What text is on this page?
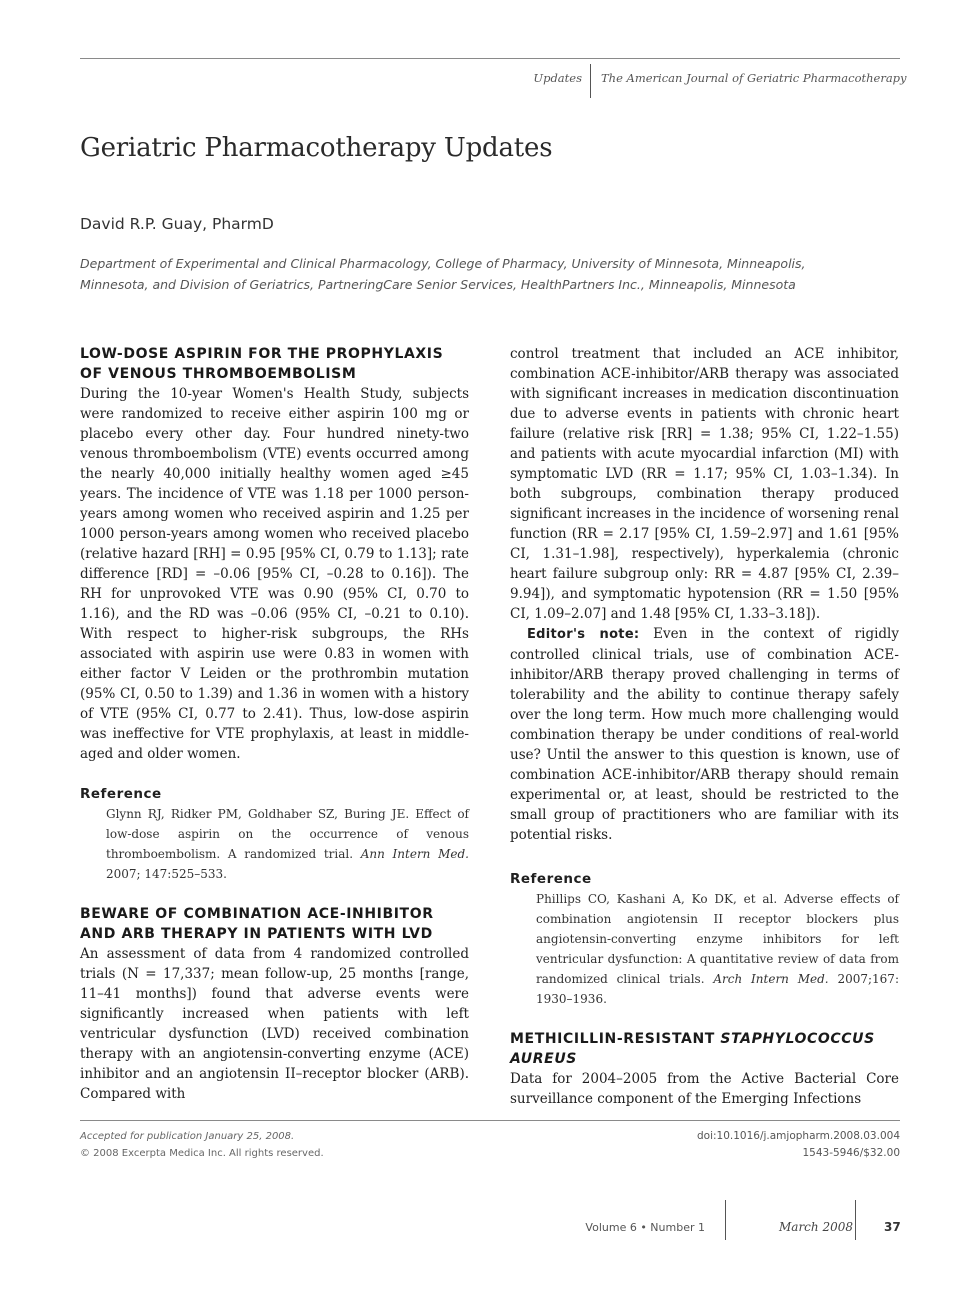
Updates The American Journal of Geriatric Pharmacotherapy
Geriatric Pharmacotherapy Updates
David R.P. Guay, PharmD
Department of Experimental and Clinical Pharmacology, College of Pharmacy, University of Minnesota, Minneapolis, Minnesota, and Division of Geriatrics, PartneringCare Senior Services, HealthPartners Inc., Minneapolis, Minnesota
LOW-DOSE ASPIRIN FOR THE PROPHYLAXIS OF VENOUS THROMBOEMBOLISM

During the 10-year Women's Health Study, subjects were randomized to receive either aspirin 100 mg or placebo every other day. Four hundred ninety-two venous thromboembolism (VTE) events occurred among the nearly 40,000 initially healthy women aged ≥45 years. The incidence of VTE was 1.18 per 1000 person-years among women who received aspirin and 1.25 per 1000 person-years among women who received placebo (relative hazard [RH] = 0.95 [95% CI, 0.79 to 1.13]; rate difference [RD] = –0.06 [95% CI, –0.28 to 0.16]). The RH for unprovoked VTE was 0.90 (95% CI, 0.70 to 1.16), and the RD was –0.06 (95% CI, –0.21 to 0.10). With respect to higher-risk subgroups, the RHs associated with aspirin use were 0.83 in women with either factor V Leiden or the prothrombin mutation (95% CI, 0.50 to 1.39) and 1.36 in women with a history of VTE (95% CI, 0.77 to 2.41). Thus, low-dose aspirin was ineffective for VTE prophylaxis, at least in middle-aged and older women.

Reference

Glynn RJ, Ridker PM, Goldhaber SZ, Buring JE. Effect of low-dose aspirin on the occurrence of venous thromboembolism. A randomized trial. Ann Intern Med. 2007; 147:525–533.

BEWARE OF COMBINATION ACE-INHIBITOR AND ARB THERAPY IN PATIENTS WITH LVD

An assessment of data from 4 randomized controlled trials (N = 17,337; mean follow-up, 25 months [range, 11–41 months]) found that adverse events were significantly increased when patients with left ventricular dysfunction (LVD) received combination therapy with an angiotensin-converting enzyme (ACE) inhibitor and an angiotensin II–receptor blocker (ARB). Compared with

control treatment that included an ACE inhibitor, combination ACE-inhibitor/ARB therapy was associated with significant increases in medication discontinuation due to adverse events in patients with chronic heart failure (relative risk [RR] = 1.38; 95% CI, 1.22–1.55) and patients with acute myocardial infarction (MI) with symptomatic LVD (RR = 1.17; 95% CI, 1.03–1.34). In both subgroups, combination therapy produced significant increases in the incidence of worsening renal function (RR = 2.17 [95% CI, 1.59–2.97] and 1.61 [95% CI, 1.31–1.98], respectively), hyperkalemia (chronic heart failure subgroup only: RR = 4.87 [95% CI, 2.39–9.94]), and symptomatic hypotension (RR = 1.50 [95% CI, 1.09–2.07] and 1.48 [95% CI, 1.33–3.18]).

Editor's note: Even in the context of rigidly controlled clinical trials, use of combination ACE-inhibitor/ARB therapy proved challenging in terms of tolerability and the ability to continue therapy safely over the long term. How much more challenging would combination therapy be under conditions of real-world use? Until the answer to this question is known, use of combination ACE-inhibitor/ARB therapy should remain experimental or, at least, should be restricted to the small group of practitioners who are familiar with its potential risks.

Reference

Phillips CO, Kashani A, Ko DK, et al. Adverse effects of combination angiotensin II receptor blockers plus angiotensin-converting enzyme inhibitors for left ventricular dysfunction: A quantitative review of data from randomized clinical trials. Arch Intern Med. 2007;167: 1930–1936.

METHICILLIN-RESISTANT STAPHYLOCOCCUS AUREUS

Data for 2004–2005 from the Active Bacterial Core surveillance component of the Emerging Infections

Accepted for publication January 25, 2008.
© 2008 Excerpta Medica Inc. All rights reserved.
doi:10.1016/j.amjopharm.2008.03.004
1543-5946/$32.00
Volume 6 • Number 1	March 2008	37
